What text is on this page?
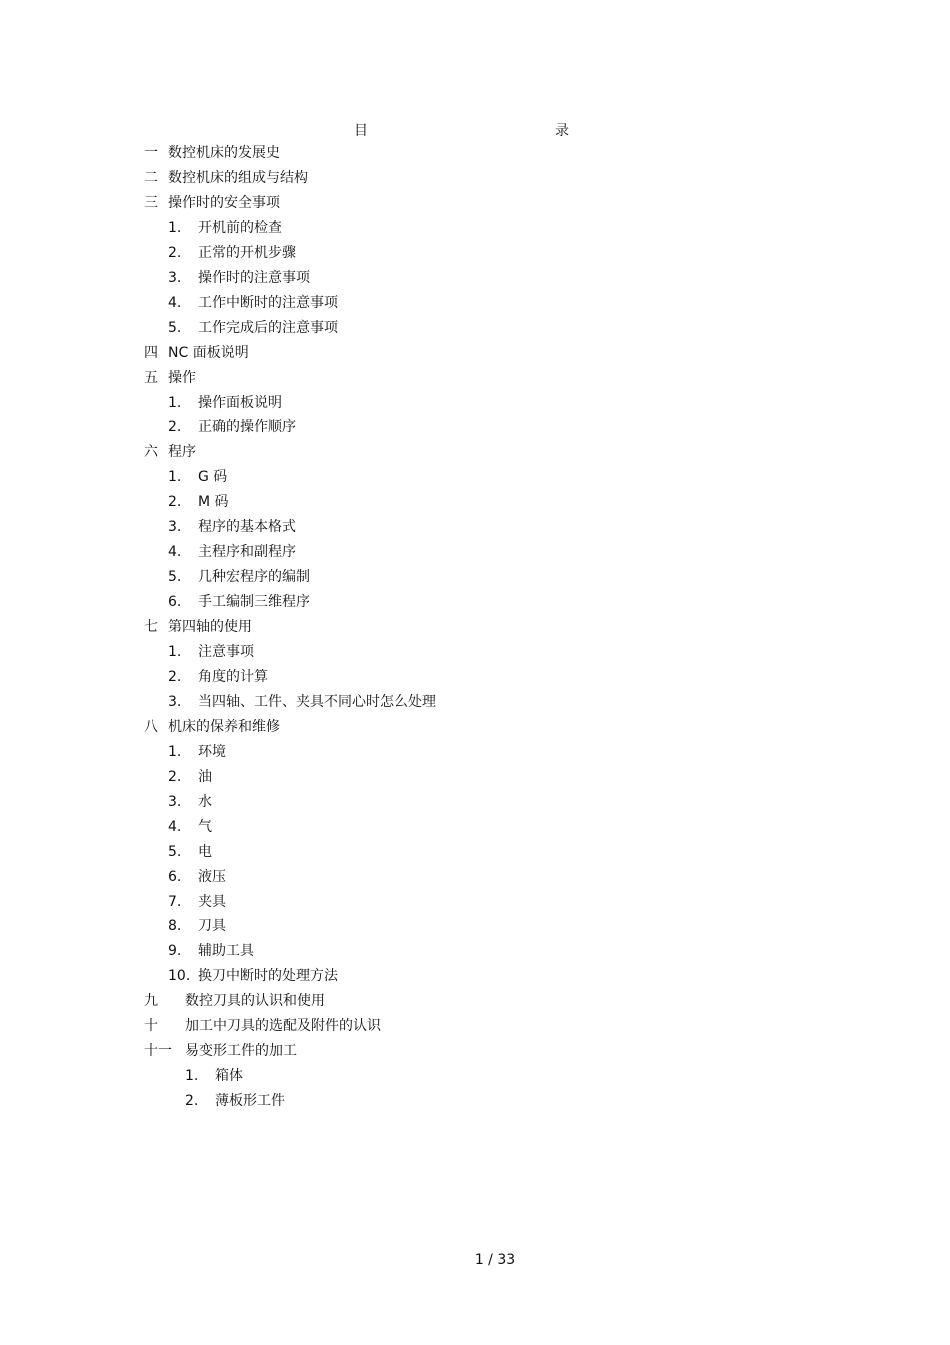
目	录
一 数控机床的发展史
二 数控机床的组成与结构
三 操作时的安全事项
1. 开机前的检查
2. 正常的开机步骤
3. 操作时的注意事项
4. 工作中断时的注意事项
5. 工作完成后的注意事项
四 NC 面板说明
五 操作
1. 操作面板说明
2. 正确的操作顺序
六 程序
1. G 码
2. M 码
3. 程序的基本格式
4. 主程序和副程序
5. 几种宏程序的编制
6. 手工编制三维程序
七 第四轴的使用
1. 注意事项
2. 角度的计算
3. 当四轴、工件、夹具不同心时怎么处理
八 机床的保养和维修
1. 环境
2. 油
3. 水
4. 气
5. 电
6. 液压
7. 夹具
8. 刀具
9. 辅助工具
10. 换刀中断时的处理方法
九 数控刀具的认识和使用
十 加工中刀具的选配及附件的认识
十一 易变形工件的加工
1. 箱体
2. 薄板形工件
1 / 33
